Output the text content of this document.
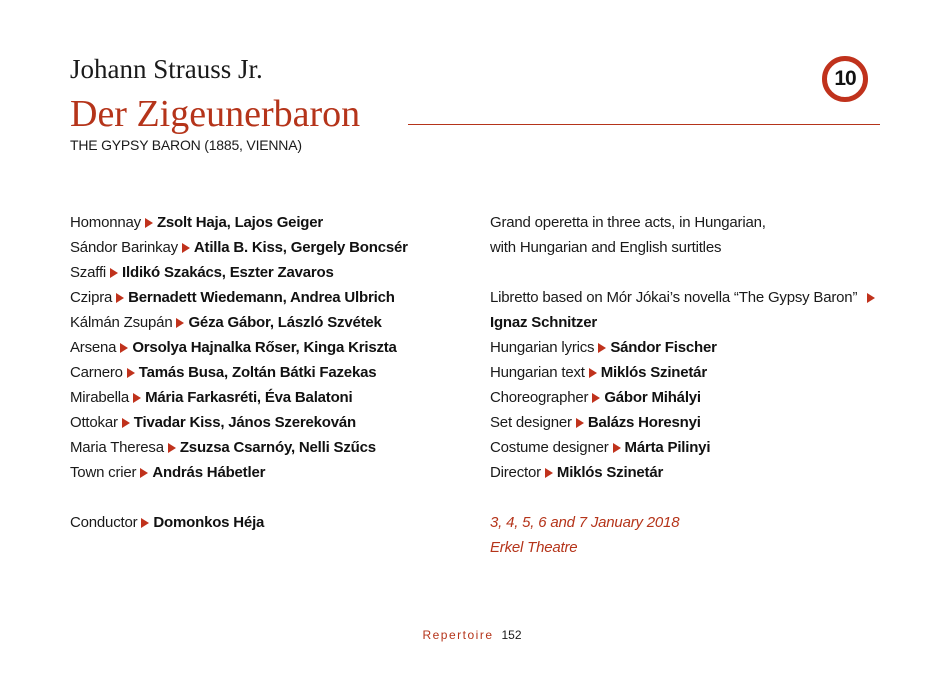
Johann Strauss Jr.
Der Zigeunerbaron
THE GYPSY BARON (1885, VIENNA)
10
Homonnay Zsolt Haja, Lajos Geiger
Sándor Barinkay Atilla B. Kiss, Gergely Boncsér
Szaffi Ildikó Szakács, Eszter Zavaros
Czipra Bernadett Wiedemann, Andrea Ulbrich
Kálmán Zsupán Géza Gábor, László Szvétek
Arsena Orsolya Hajnalka Rőser, Kinga Kriszta
Carnero Tamás Busa, Zoltán Bátki Fazekas
Mirabella Mária Farkasréti, Éva Balatoni
Ottokar Tivadar Kiss, János Szerekován
Maria Theresa Zsuzsa Csarnóy, Nelli Szűcs
Town crier András Hábetler
Conductor Domonkos Héja
Grand operetta in three acts, in Hungarian,
with Hungarian and English surtitles
Libretto based on Mór Jókai’s novella “The Gypsy Baron”
Ignaz Schnitzer
Hungarian lyrics Sándor Fischer
Hungarian text Miklós Szinetár
Choreographer Gábor Mihályi
Set designer Balázs Horesnyi
Costume designer Márta Pilinyi
Director Miklós Szinetár
3, 4, 5, 6 and 7 January 2018
Erkel Theatre
Repertoire 152
